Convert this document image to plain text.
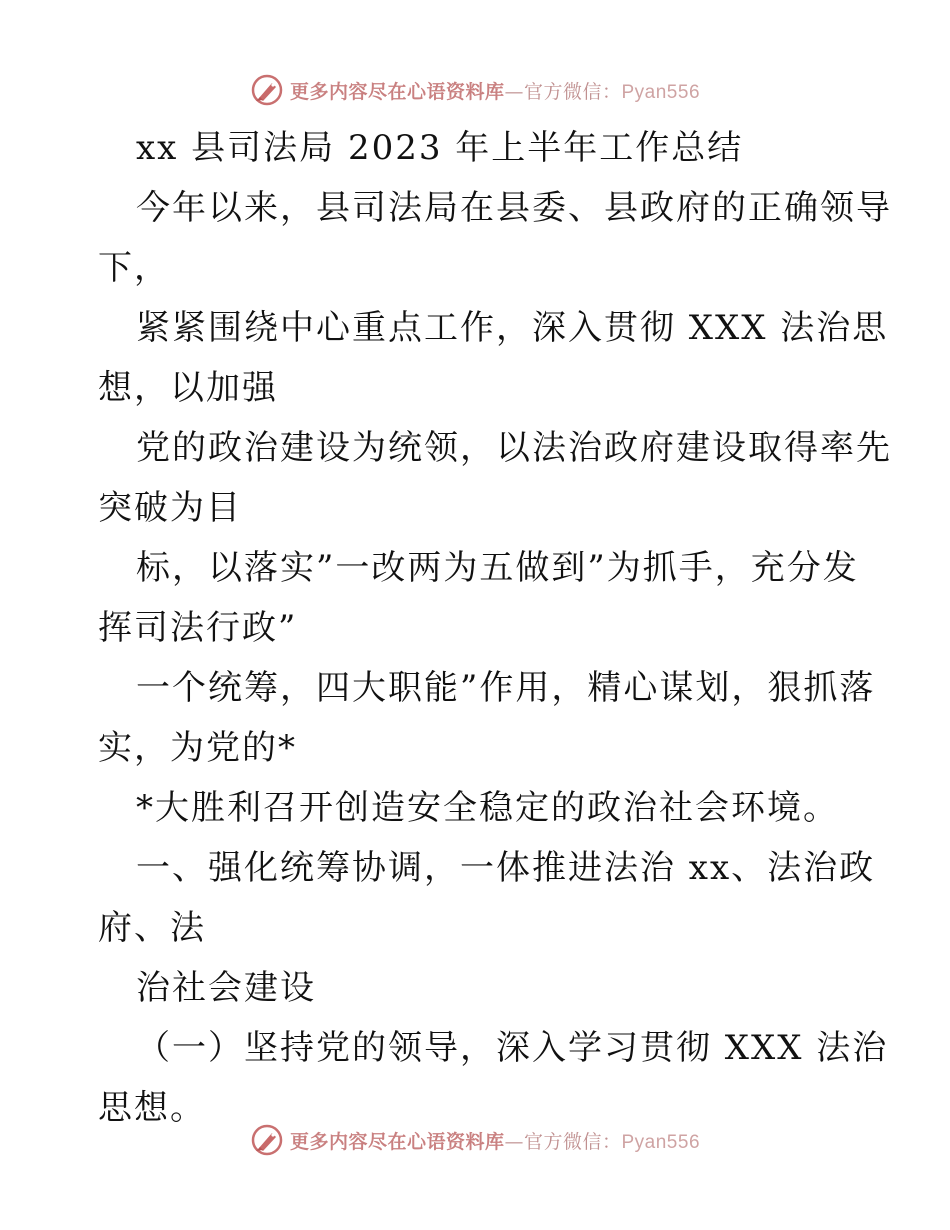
更多内容尽在心语资料库—官方微信：Pyan556
xx 县司法局 2023 年上半年工作总结
今年以来，县司法局在县委、县政府的正确领导
下，
紧紧围绕中心重点工作，深入贯彻 XXX 法治思
想，以加强
党的政治建设为统领，以法治政府建设取得率先
突破为目
标，以落实”一改两为五做到”为抓手，充分发
挥司法行政”
一个统筹，四大职能”作用，精心谋划，狠抓落
实，为党的*
*大胜利召开创造安全稳定的政治社会环境。
一、强化统筹协调，一体推进法治 xx、法治政
府、法
治社会建设
（一）坚持党的领导，深入学习贯彻 XXX 法治
思想。
更多内容尽在心语资料库—官方微信：Pyan556
